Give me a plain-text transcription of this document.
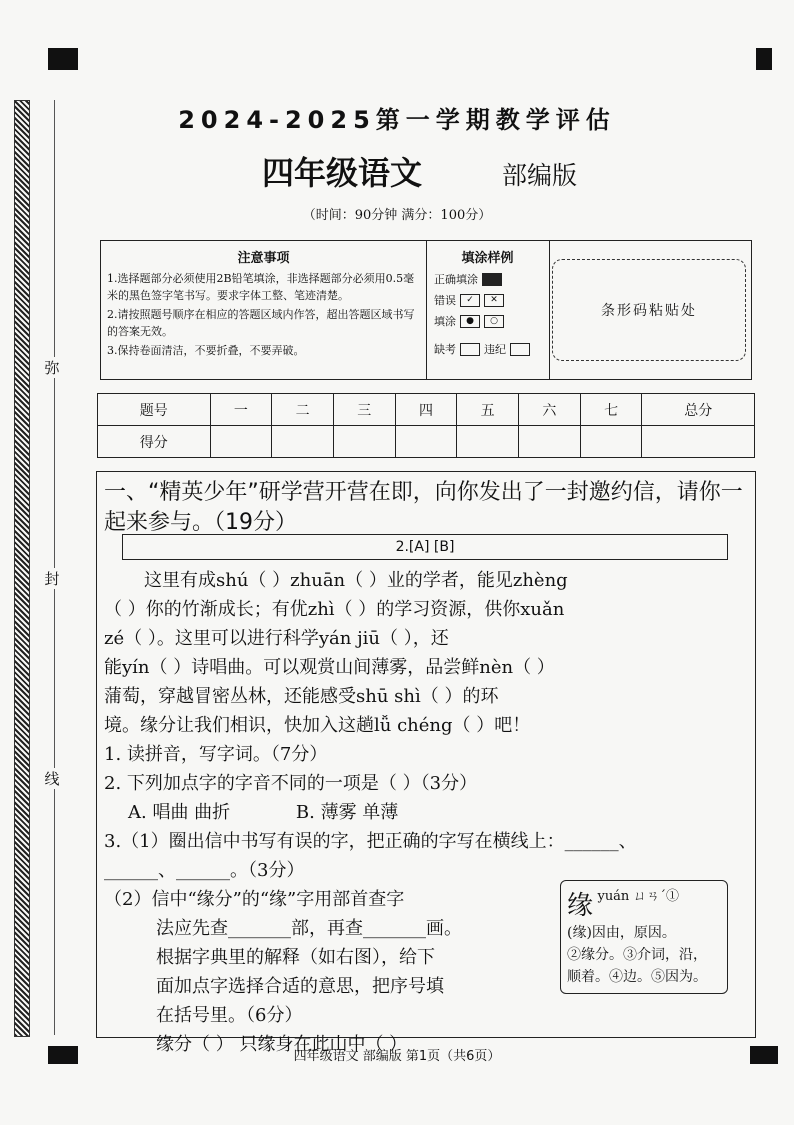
弥
封
线
2024-2025第一学期教学评估
四年级语文	部编版
（时间：90分钟 满分：100分）
注意事项

1.选择题部分必须使用2B铅笔填涂，非选择题部分必须用0.5毫米的黑色签字笔书写。要求字体工整、笔迹清楚。

2.请按照题号顺序在相应的答题区域内作答，超出答题区域书写的答案无效。

3.保持卷面清洁，不要折叠，不要弄破。

填涂样例
正确填涂
错误	✓	✕
填涂	●	○
缺考	违纪
条形码粘贴处
题号	一	二	三	四	五	六	七	总分
得分								
一、“精英少年”研学营开营在即，向你发出了一封邀约信，请你一起来参与。（19分）
2.[A] [B]
这里有成shú（ ）zhuān（ ）业的学者，能见zhèng
（ ）你的竹渐成长；有优zhì（ ）的学习资源，供你xuǎn
zé（ ）。这里可以进行科学yán jiū（ ），还
能yín（ ）诗唱曲。可以观赏山间薄雾，品尝鲜nèn（ ）
蒲萄，穿越冒密丛林，还能感受shū shì（ ）的环
境。缘分让我们相识，快加入这趟lǚ chéng（ ）吧！
1. 读拼音，写字词。（7分）
2. 下列加点字的字音不同的一项是（ ）（3分）
A. 唱曲 曲折	B. 薄雾 单薄
3.（1）圈出信中书写有误的字，把正确的字写在横线上：______、
______、______。（3分）
（2）信中“缘分”的“缘”字用部首查字
法应先查_______部，再查_______画。
根据字典里的解释（如右图），给下
面加点字选择合适的意思，把序号填
在括号里。（6分）
缘分（ ） 只缘身在此山中（ ）
缘 yuán ㄩㄢˊ①
(缘)因由，原因。
②缘分。③介词，沿，
顺着。④边。⑤因为。
四年级语文 部编版 第1页（共6页）
